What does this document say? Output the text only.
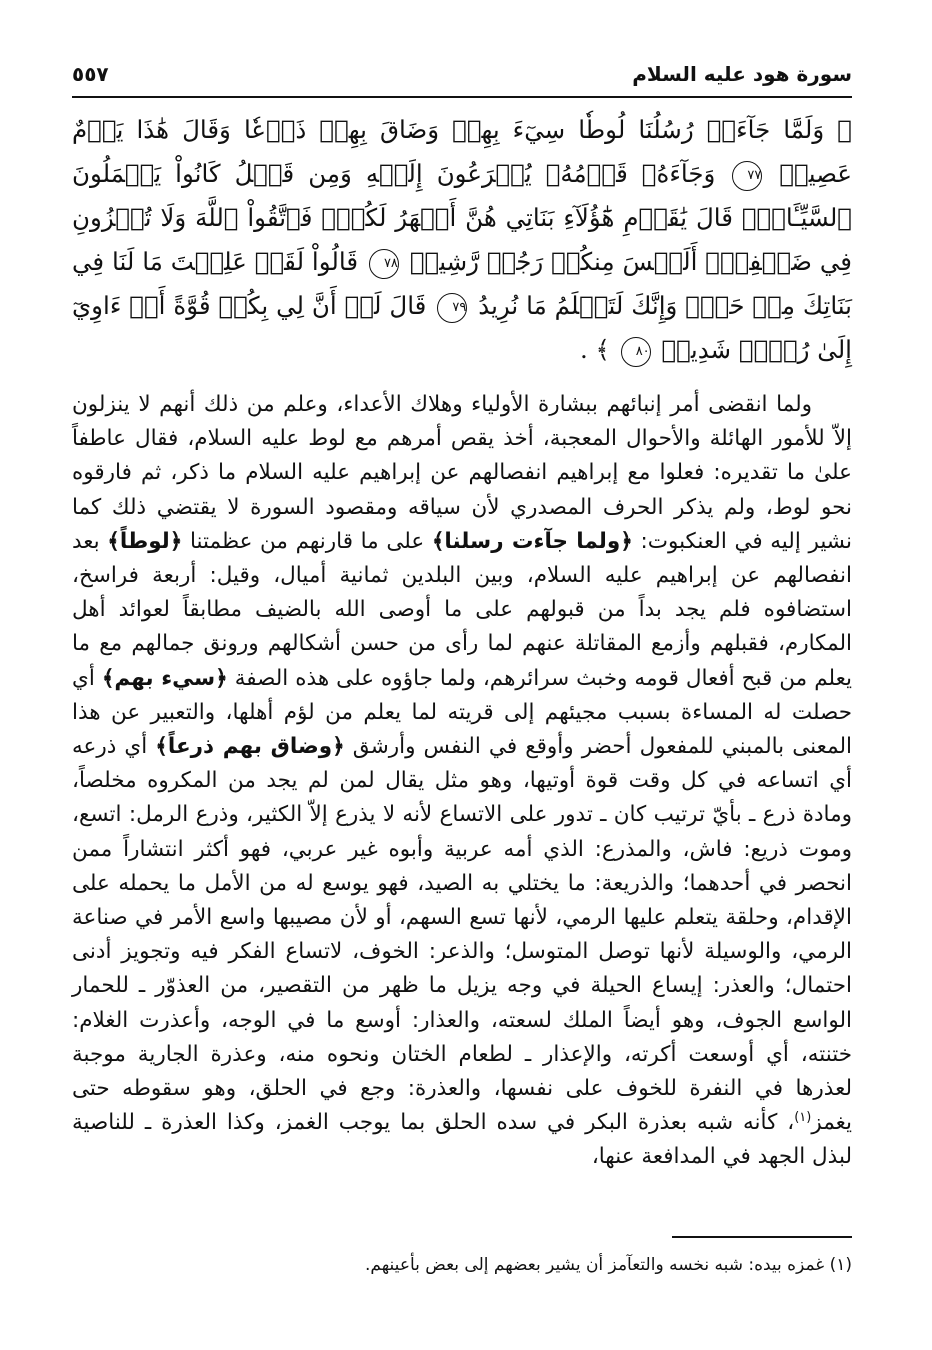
سورة هود عليه السلام
٥٥٧
﴿ وَلَمَّا جَآءَتۡ رُسُلُنَا لُوطٗا سِيٓءَ بِهِمۡ وَضَاقَ بِهِمۡ ذَرۡعٗا وَقَالَ هَٰذَا يَوۡمٌ عَصِيبٞ ٧٧ وَجَآءَهُۥ قَوۡمُهُۥ يُهۡرَعُونَ إِلَيۡهِ وَمِن قَبۡلُ كَانُواْ يَعۡمَلُونَ ٱلسَّيِّـَٔاتِۚ قَالَ يَٰقَوۡمِ هَٰٓؤُلَآءِ بَنَاتِي هُنَّ أَطۡهَرُ لَكُمۡۖ فَٱتَّقُواْ ٱللَّهَ وَلَا تُخۡزُونِ فِي ضَيۡفِيٓۖ أَلَيۡسَ مِنكُمۡ رَجُلٞ رَّشِيدٞ ٧٨ قَالُواْ لَقَدۡ عَلِمۡتَ مَا لَنَا فِي بَنَاتِكَ مِنۡ حَقّٖ وَإِنَّكَ لَتَعۡلَمُ مَا نُرِيدُ ٧٩ قَالَ لَوۡ أَنَّ لِي بِكُمۡ قُوَّةً أَوۡ ءَاوِيٓ إِلَىٰ رُكۡنٖ شَدِيدٖ ٨٠ ﴾ .
ولما انقضى أمر إنبائهم ببشارة الأولياء وهلاك الأعداء، وعلم من ذلك أنهم لا ينزلون إلاّ للأمور الهائلة والأحوال المعجبة، أخذ يقص أمرهم مع لوط عليه السلام، فقال عاطفاً علىٰ ما تقديره: فعلوا مع إبراهيم انفصالهم عن إبراهيم عليه السلام ما ذكر، ثم فارقوه نحو لوط، ولم يذكر الحرف المصدري لأن سياقه ومقصود السورة لا يقتضي ذلك كما نشير إليه في العنكبوت: ﴿ولما جآءت رسلنا﴾ على ما قارنهم من عظمتنا ﴿لوطاً﴾ بعد انفصالهم عن إبراهيم عليه السلام، وبين البلدين ثمانية أميال، وقيل: أربعة فراسخ، استضافوه فلم يجد بداً من قبولهم على ما أوصى الله بالضيف مطابقاً لعوائد أهل المكارم، فقبلهم وأزمع المقاتلة عنهم لما رأى من حسن أشكالهم ورونق جمالهم مع ما يعلم من قبح أفعال قومه وخبث سرائرهم، ولما جاؤوه على هذه الصفة ﴿سيء بهم﴾ أي حصلت له المساءة بسبب مجيئهم إلى قريته لما يعلم من لؤم أهلها، والتعبير عن هذا المعنى بالمبني للمفعول أحضر وأوقع في النفس وأرشق ﴿وضاق بهم ذرعاً﴾ أي ذرعه أي اتساعه في كل وقت قوة أوتيها، وهو مثل يقال لمن لم يجد من المكروه مخلصاً، ومادة ذرع ـ بأيّ ترتيب كان ـ تدور على الاتساع لأنه لا يذرع إلاّ الكثير، وذرع الرمل: اتسع، وموت ذريع: فاش، والمذرع: الذي أمه عربية وأبوه غير عربي، فهو أكثر انتشاراً ممن انحصر في أحدهما؛ والذريعة: ما يختلي به الصيد، فهو يوسع له من الأمل ما يحمله على الإقدام، وحلقة يتعلم عليها الرمي، لأنها تسع السهم، أو لأن مصيبها واسع الأمر في صناعة الرمي، والوسيلة لأنها توصل المتوسل؛ والذعر: الخوف، لاتساع الفكر فيه وتجويز أدنى احتمال؛ والعذر: إيساع الحيلة في وجه يزيل ما ظهر من التقصير، من العذوّر ـ للحمار الواسع الجوف، وهو أيضاً الملك لسعته، والعذار: أوسع ما في الوجه، وأعذرت الغلام: ختنته، أي أوسعت أكرته، والإعذار ـ لطعام الختان ونحوه منه، وعذرة الجارية موجبة لعذرها في النفرة للخوف على نفسها، والعذرة: وجع في الحلق، وهو سقوطه حتى يغمز$^{(١)}$، كأنه شبه بعذرة البكر في سده الحلق بما يوجب الغمز، وكذا العذرة ـ للناصية لبذل الجهد في المدافعة عنها،
(١) غمزه بيده: شبه نخسه والتعآمز أن يشير بعضهم إلى بعض بأعينهم.
